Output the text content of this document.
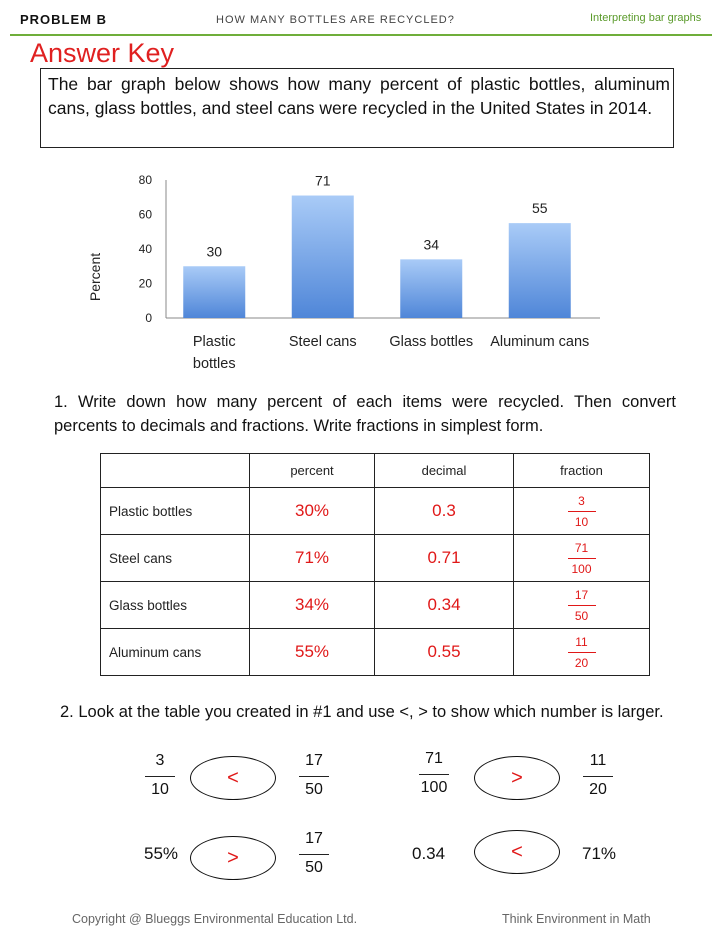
PROBLEM B	HOW MANY BOTTLES ARE RECYCLED?	Interpreting bar graphs
Answer Key
The bar graph below shows how many percent of plastic bottles, aluminum cans, glass bottles, and steel cans were recycled in the United States in 2014.
0
20
40
60
80
Percent
30
Plastic
bottles
71
Steel cans
34
Glass bottles
55
Aluminum cans
1. Write down how many percent of each items were recycled. Then convert percents to decimals and fractions. Write fractions in simplest form.
	percent	decimal	fraction
Plastic bottles	30%	0.3	3
10

Steel cans	71%	0.71	71
100

Glass bottles	34%	0.34	17
50

Aluminum cans	55%	0.55	11
20
2. Look at the table you created in #1 and use <, > to show which number is larger.
3
10
<
17
50
71
100	>
11
20
55%	>
17
50
0.34	<	71%
Copyright @ Blueggs Environmental Education Ltd.	Think Environment in Math
